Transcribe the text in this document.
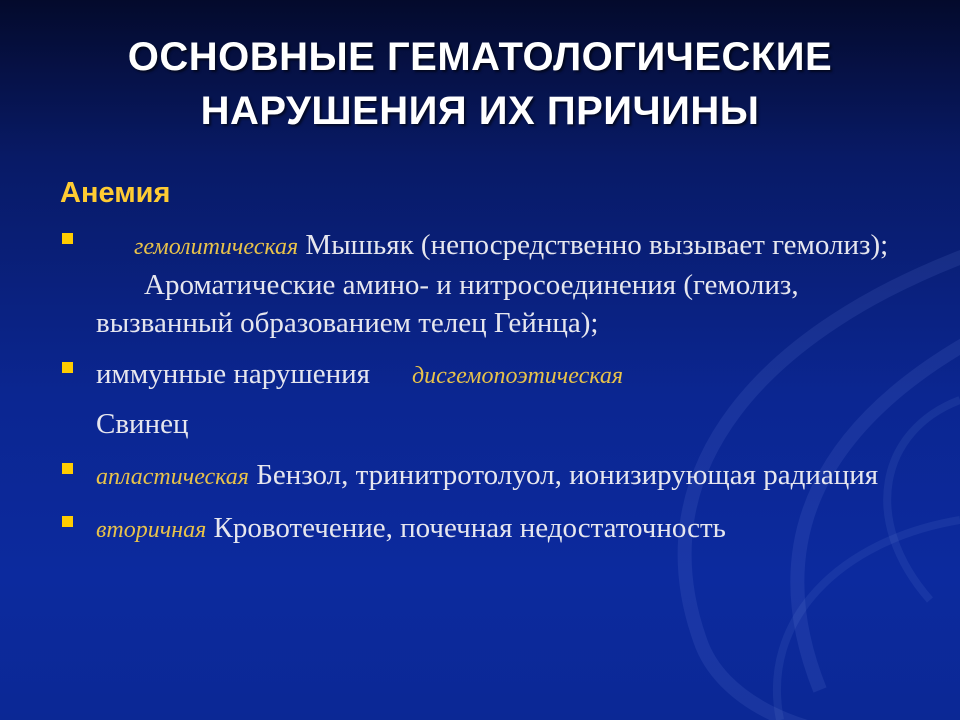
ОСНОВНЫЕ ГЕМАТОЛОГИЧЕСКИЕ
НАРУШЕНИЯ ИХ ПРИЧИНЫ
Анемия
гемолитическая Мышьяк (непосредственно вызывает гемолиз);Ароматические амино- и нитросоединения (гемолиз, вызванный образованием телец Гейнца);
иммунные нарушения дисгемопоэтическая
Свинец
апластическая Бензол, тринитротолуол, ионизирующая радиация
вторичная Кровотечение, почечная недостаточность
